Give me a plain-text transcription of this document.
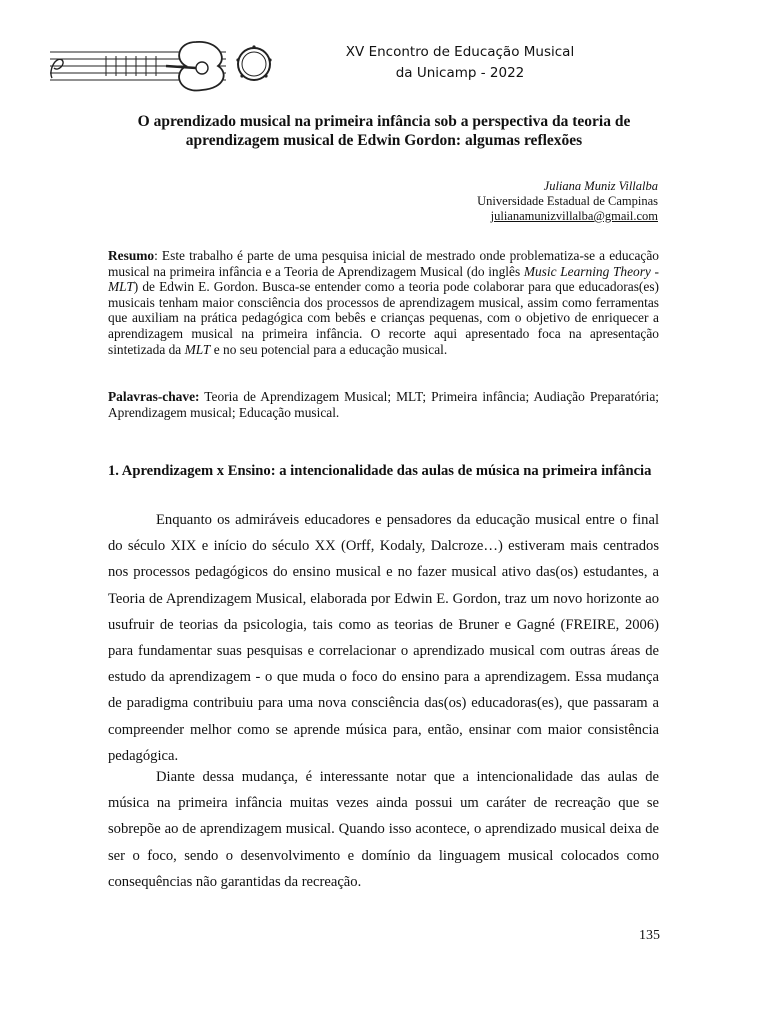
XV Encontro de Educação Musical
da Unicamp - 2022
O aprendizado musical na primeira infância sob a perspectiva da teoria de aprendizagem musical de Edwin Gordon: algumas reflexões
Juliana Muniz Villalba
Universidade Estadual de Campinas
julianamunizvillalba@gmail.com
Resumo: Este trabalho é parte de uma pesquisa inicial de mestrado onde problematiza-se a educação musical na primeira infância e a Teoria de Aprendizagem Musical (do inglês Music Learning Theory - MLT) de Edwin E. Gordon. Busca-se entender como a teoria pode colaborar para que educadoras(es) musicais tenham maior consciência dos processos de aprendizagem musical, assim como ferramentas que auxiliam na prática pedagógica com bebês e crianças pequenas, com o objetivo de enriquecer a aprendizagem musical na primeira infância. O recorte aqui apresentado foca na apresentação sintetizada da MLT e no seu potencial para a educação musical.
Palavras-chave: Teoria de Aprendizagem Musical; MLT; Primeira infância; Audiação Preparatória; Aprendizagem musical; Educação musical.
1. Aprendizagem x Ensino: a intencionalidade das aulas de música na primeira infância
Enquanto os admiráveis educadores e pensadores da educação musical entre o final do século XIX e início do século XX (Orff, Kodaly, Dalcroze…) estiveram mais centrados nos processos pedagógicos do ensino musical e no fazer musical ativo das(os) estudantes, a Teoria de Aprendizagem Musical, elaborada por Edwin E. Gordon, traz um novo horizonte ao usufruir de teorias da psicologia, tais como as teorias de Bruner e Gagné (FREIRE, 2006) para fundamentar suas pesquisas e correlacionar o aprendizado musical com outras áreas de estudo da aprendizagem - o que muda o foco do ensino para a aprendizagem. Essa mudança de paradigma contribuiu para uma nova consciência das(os) educadoras(es), que passaram a compreender melhor como se aprende música para, então, ensinar com maior consistência pedagógica.
Diante dessa mudança, é interessante notar que a intencionalidade das aulas de música na primeira infância muitas vezes ainda possui um caráter de recreação que se sobrepõe ao de aprendizagem musical. Quando isso acontece, o aprendizado musical deixa de ser o foco, sendo o desenvolvimento e domínio da linguagem musical colocados como consequências não garantidas da recreação.
135
